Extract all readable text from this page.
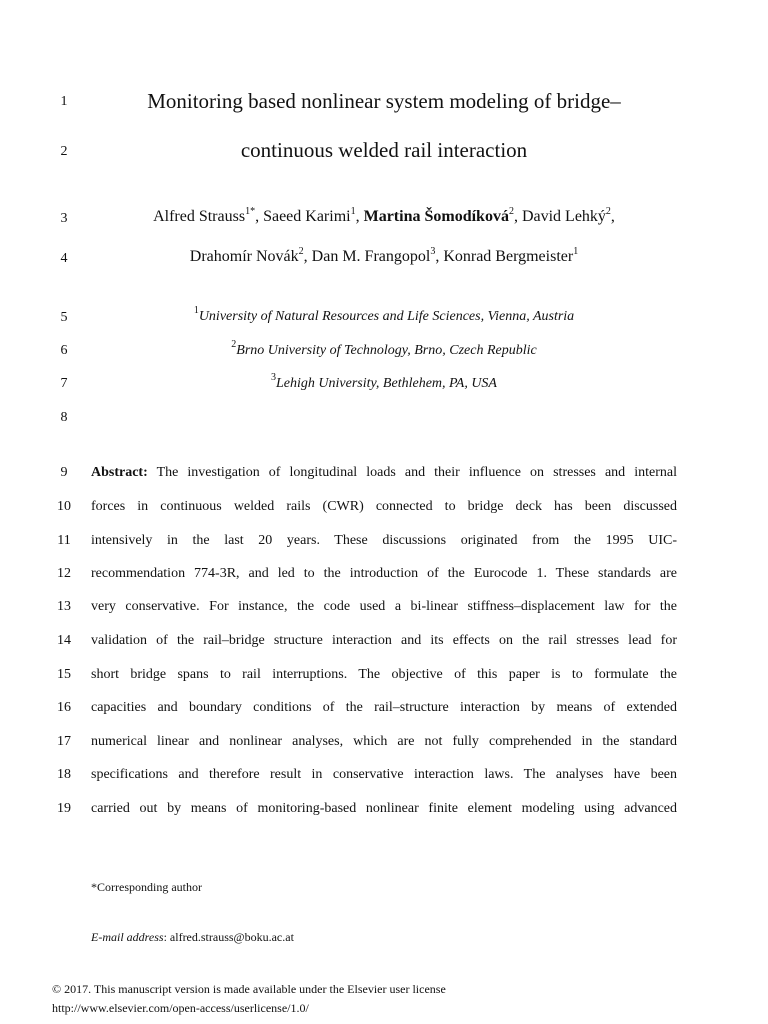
1
2
3
4
5
6
7
8
9
10
11
12
13
14
15
16
17
18
19
Monitoring based nonlinear system modeling of bridge–
continuous welded rail interaction
Alfred Strauss$^{1*}$, Saeed Karimi$^1$, Martina Šomodíková$^2$, David Lehký$^2$,
Drahomír Novák$^2$, Dan M. Frangopol$^3$, Konrad Bergmeister$^1$
$^1$University of Natural Resources and Life Sciences, Vienna, Austria
$^2$Brno University of Technology, Brno, Czech Republic
$^3$Lehigh University, Bethlehem, PA, USA
Abstract: The investigation of longitudinal loads and their influence on stresses and internal
forces in continuous welded rails (CWR) connected to bridge deck has been discussed
intensively in the last 20 years. These discussions originated from the 1995 UIC-
recommendation 774-3R, and led to the introduction of the Eurocode 1. These standards are
very conservative. For instance, the code used a bi-linear stiffness–displacement law for the
validation of the rail–bridge structure interaction and its effects on the rail stresses lead for
short bridge spans to rail interruptions. The objective of this paper is to formulate the
capacities and boundary conditions of the rail–structure interaction by means of extended
numerical linear and nonlinear analyses, which are not fully comprehended in the standard
specifications and therefore result in conservative interaction laws. The analyses have been
carried out by means of monitoring-based nonlinear finite element modeling using advanced
*Corresponding author
E-mail address: alfred.strauss@boku.ac.at
© 2017. This manuscript version is made available under the Elsevier user license
http://www.elsevier.com/open-access/userlicense/1.0/
